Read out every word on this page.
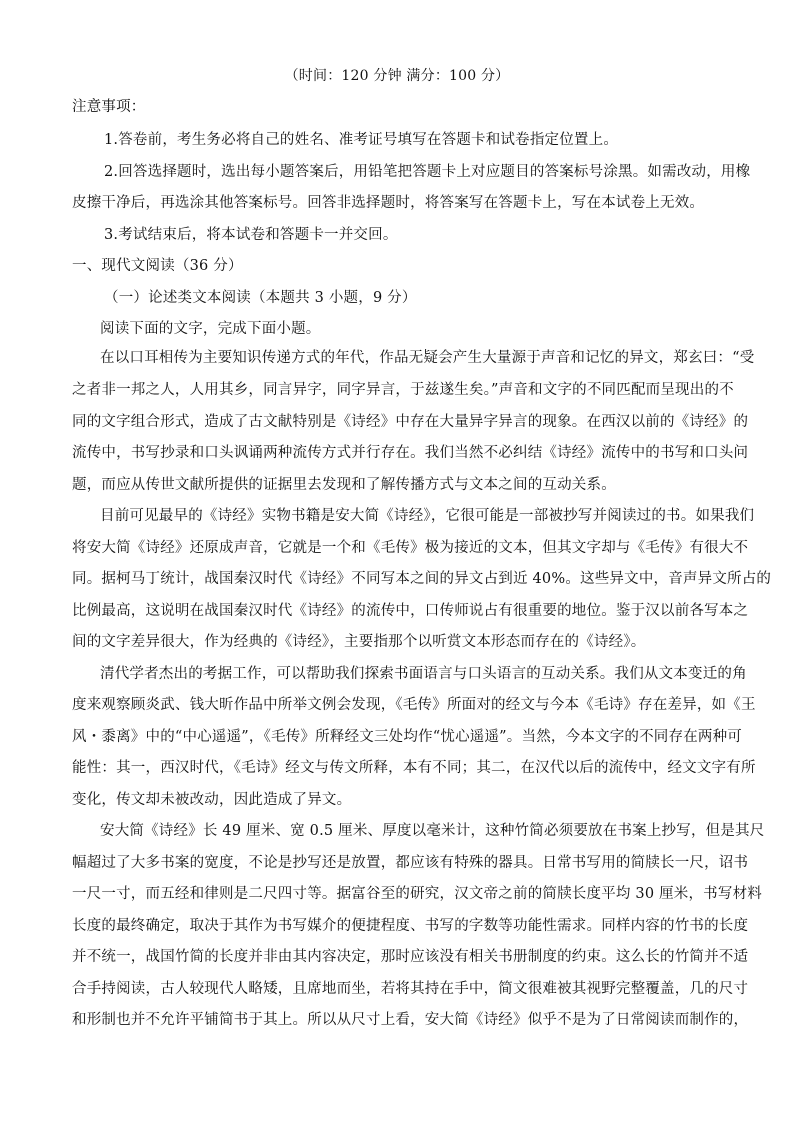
（时间：120 分钟 满分：100 分）
注意事项：
1.答卷前，考生务必将自己的姓名、准考证号填写在答题卡和试卷指定位置上。
2.回答选择题时，选出每小题答案后，用铅笔把答题卡上对应题目的答案标号涂黑。如需改动，用橡
皮擦干净后，再选涂其他答案标号。回答非选择题时，将答案写在答题卡上，写在本试卷上无效。
3.考试结束后，将本试卷和答题卡一并交回。
一、现代文阅读（36 分）
（一）论述类文本阅读（本题共 3 小题，9 分）
阅读下面的文字，完成下面小题。
在以口耳相传为主要知识传递方式的年代，作品无疑会产生大量源于声音和记忆的异文，郑玄曰：“受
之者非一邦之人，人用其乡，同言异字，同字异言，于兹遂生矣。”声音和文字的不同匹配而呈现出的不
同的文字组合形式，造成了古文献特别是《诗经》中存在大量异字异言的现象。在西汉以前的《诗经》的
流传中，书写抄录和口头讽诵两种流传方式并行存在。我们当然不必纠结《诗经》流传中的书写和口头问
题，而应从传世文献所提供的证据里去发现和了解传播方式与文本之间的互动关系。
目前可见最早的《诗经》实物书籍是安大简《诗经》，它很可能是一部被抄写并阅读过的书。如果我们
将安大简《诗经》还原成声音，它就是一个和《毛传》极为接近的文本，但其文字却与《毛传》有很大不
同。据柯马丁统计，战国秦汉时代《诗经》不同写本之间的异文占到近 40%。这些异文中，音声异文所占的
比例最高，这说明在战国秦汉时代《诗经》的流传中，口传师说占有很重要的地位。鉴于汉以前各写本之
间的文字差异很大，作为经典的《诗经》，主要指那个以听赏文本形态而存在的《诗经》。
清代学者杰出的考据工作，可以帮助我们探索书面语言与口头语言的互动关系。我们从文本变迁的角
度来观察顾炎武、钱大昕作品中所举文例会发现，《毛传》所面对的经文与今本《毛诗》存在差异，如《王
风・黍离》中的“中心遥遥”，《毛传》所释经文三处均作“忧心遥遥”。当然，今本文字的不同存在两种可
能性：其一，西汉时代，《毛诗》经文与传文所释，本有不同；其二，在汉代以后的流传中，经文文字有所
变化，传文却未被改动，因此造成了异文。
安大简《诗经》长 49 厘米、宽 0.5 厘米、厚度以毫米计，这种竹简必须要放在书案上抄写，但是其尺
幅超过了大多书案的宽度，不论是抄写还是放置，都应该有特殊的器具。日常书写用的简牍长一尺，诏书
一尺一寸，而五经和律则是二尺四寸等。据富谷至的研究，汉文帝之前的简牍长度平均 30 厘米，书写材料
长度的最终确定，取决于其作为书写媒介的便捷程度、书写的字数等功能性需求。同样内容的竹书的长度
并不统一，战国竹简的长度并非由其内容决定，那时应该没有相关书册制度的约束。这么长的竹简并不适
合手持阅读，古人较现代人略矮，且席地而坐，若将其持在手中，简文很难被其视野完整覆盖，几的尺寸
和形制也并不允许平铺简书于其上。所以从尺寸上看，安大简《诗经》似乎不是为了日常阅读而制作的，
